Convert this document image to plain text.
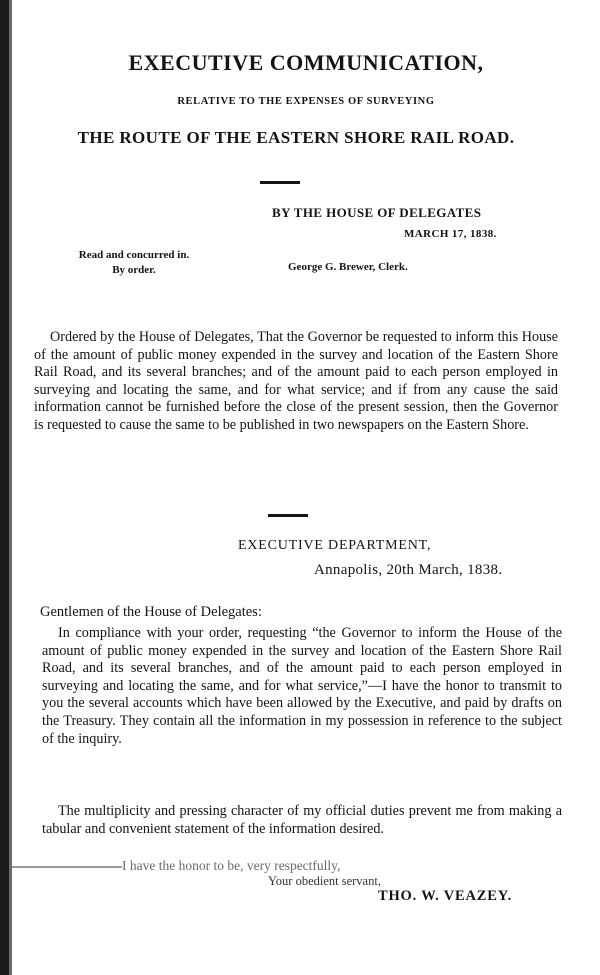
EXECUTIVE COMMUNICATION,
RELATIVE TO THE EXPENSES OF SURVEYING
THE ROUTE OF THE EASTERN SHORE RAIL ROAD.
BY THE HOUSE OF DELEGATES
MARCH 17, 1838.
Read and concurred in.
By order.	George G. Brewer, Clerk.

Ordered by the House of Delegates, That the Governor be requested to inform this House of the amount of public money expended in the survey and location of the Eastern Shore Rail Road, and its several branches; and of the amount paid to each person employed in surveying and locating the same, and for what service; and if from any cause the said information cannot be furnished before the close of the present session, then the Governor is requested to cause the same to be published in two newspapers on the Eastern Shore.

EXECUTIVE DEPARTMENT,
Annapolis, 20th March, 1838.
Gentlemen of the House of Delegates:

In compliance with your order, requesting “the Governor to inform the House of the amount of public money expended in the survey and location of the Eastern Shore Rail Road, and its several branches, and of the amount paid to each person employed in surveying and locating the same, and for what service,”—I have the honor to transmit to you the several accounts which have been allowed by the Executive, and paid by drafts on the Treasury. They contain all the information in my possession in reference to the subject of the inquiry.

The multiplicity and pressing character of my official duties prevent me from making a tabular and convenient statement of the information desired.

I have the honor to be, very respectfully,
Your obedient servant,
THO. W. VEAZEY.
